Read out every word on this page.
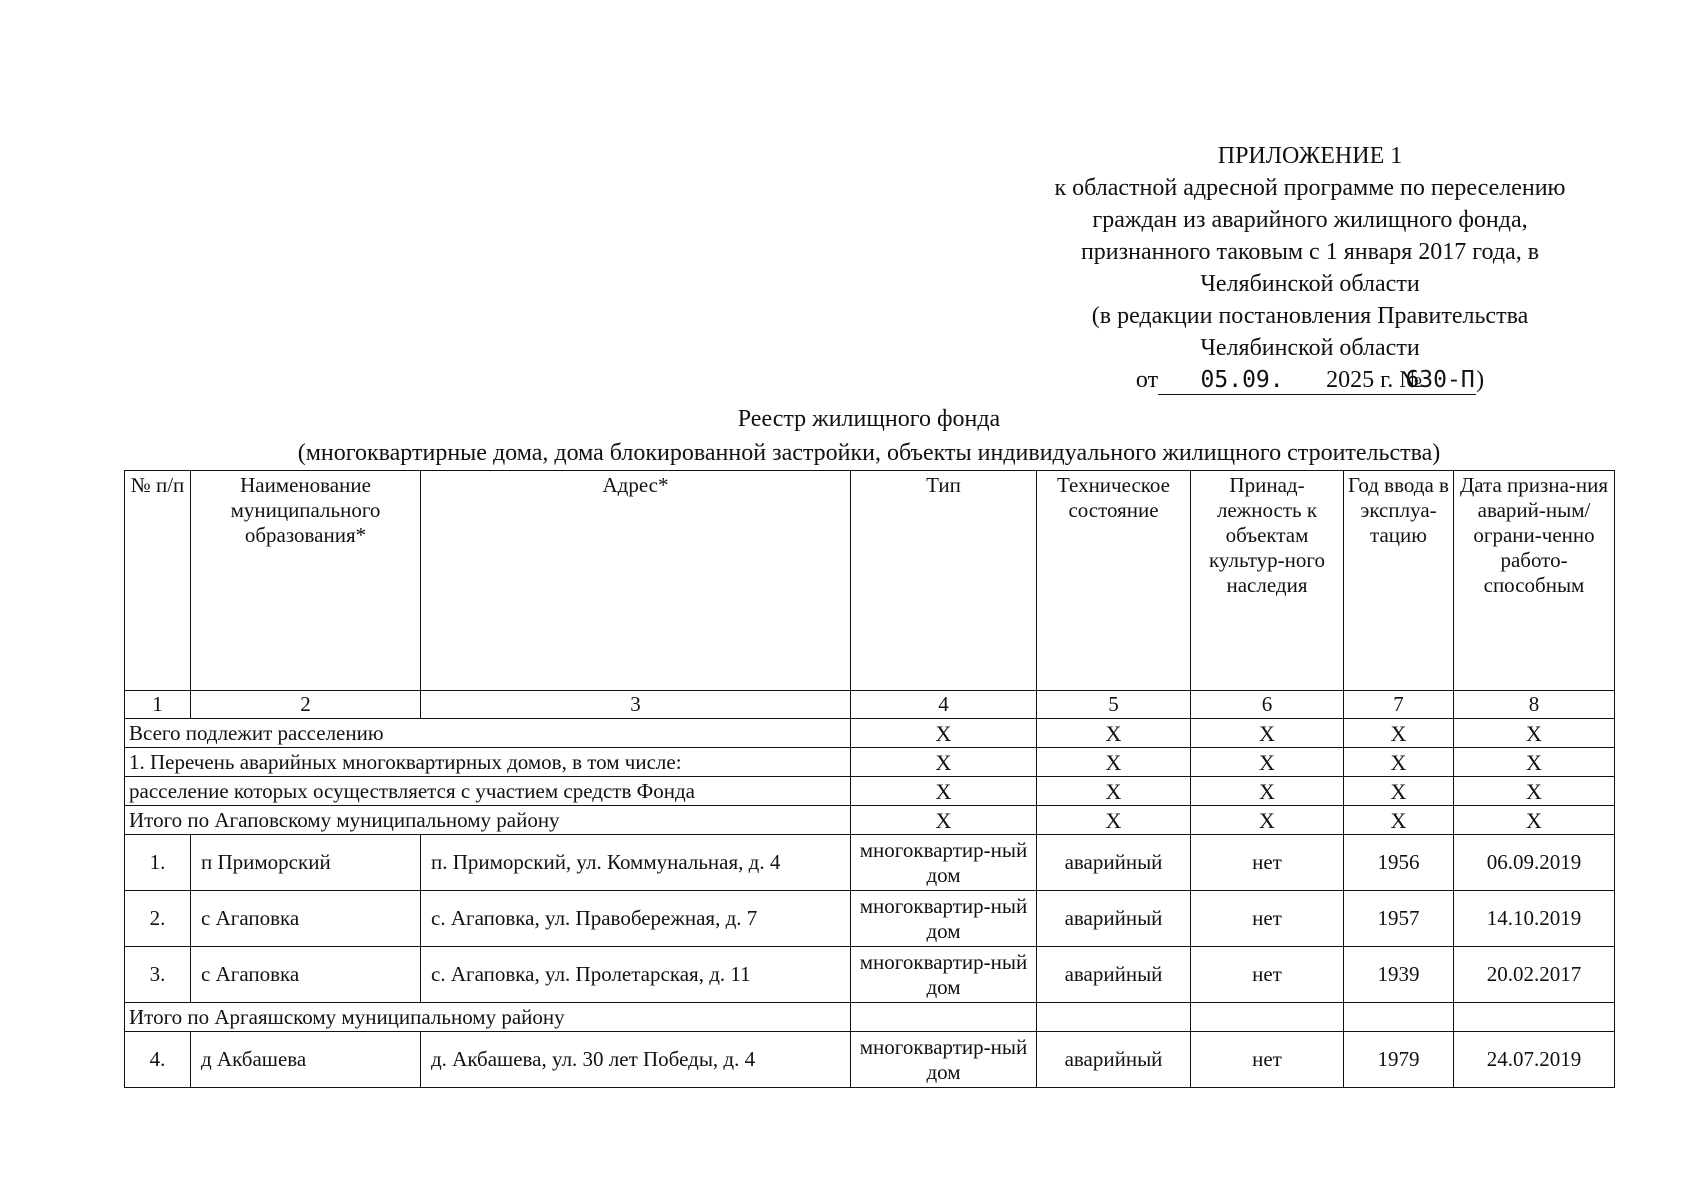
ПРИЛОЖЕНИЕ 1
к областной адресной программе по переселению
граждан из аварийного жилищного фонда,
признанного таковым с 1 января 2017 года, в
Челябинской области
(в редакции постановления Правительства
Челябинской области
от 05.09. 2025 г. №630-П)
Реестр жилищного фонда
(многоквартирные дома, дома блокированной застройки, объекты индивидуального жилищного строительства)
№ п/п	Наименование муниципального образования*	Адрес*	Тип	Техническое состояние	Принад-лежность к объектам культур-ного наследия	Год ввода в эксплуа-тацию	Дата призна-ния аварий-ным/ограни-ченно работо-способным
1	2	3	4	5	6	7	8
Всего подлежит расселению			X	X	X	X	X
1. Перечень аварийных многоквартирных домов, в том числе:			X	X	X	X	X
расселение которых осуществляется с участием средств Фонда			X	X	X	X	X
Итого по Агаповскому муниципальному району			X	X	X	X	X
1.	п Приморский	п. Приморский, ул. Коммунальная, д. 4	многоквартир-ный дом	аварийный	нет	1956	06.09.2019
2.	с Агаповка	с. Агаповка, ул. Правобережная, д. 7	многоквартир-ный дом	аварийный	нет	1957	14.10.2019
3.	с Агаповка	с. Агаповка, ул. Пролетарская, д. 11	многоквартир-ный дом	аварийный	нет	1939	20.02.2017
Итого по Аргаяшскому муниципальному району							
4.	д Акбашева	д. Акбашева, ул. 30 лет Победы, д. 4	многоквартир-ный дом	аварийный	нет	1979	24.07.2019
